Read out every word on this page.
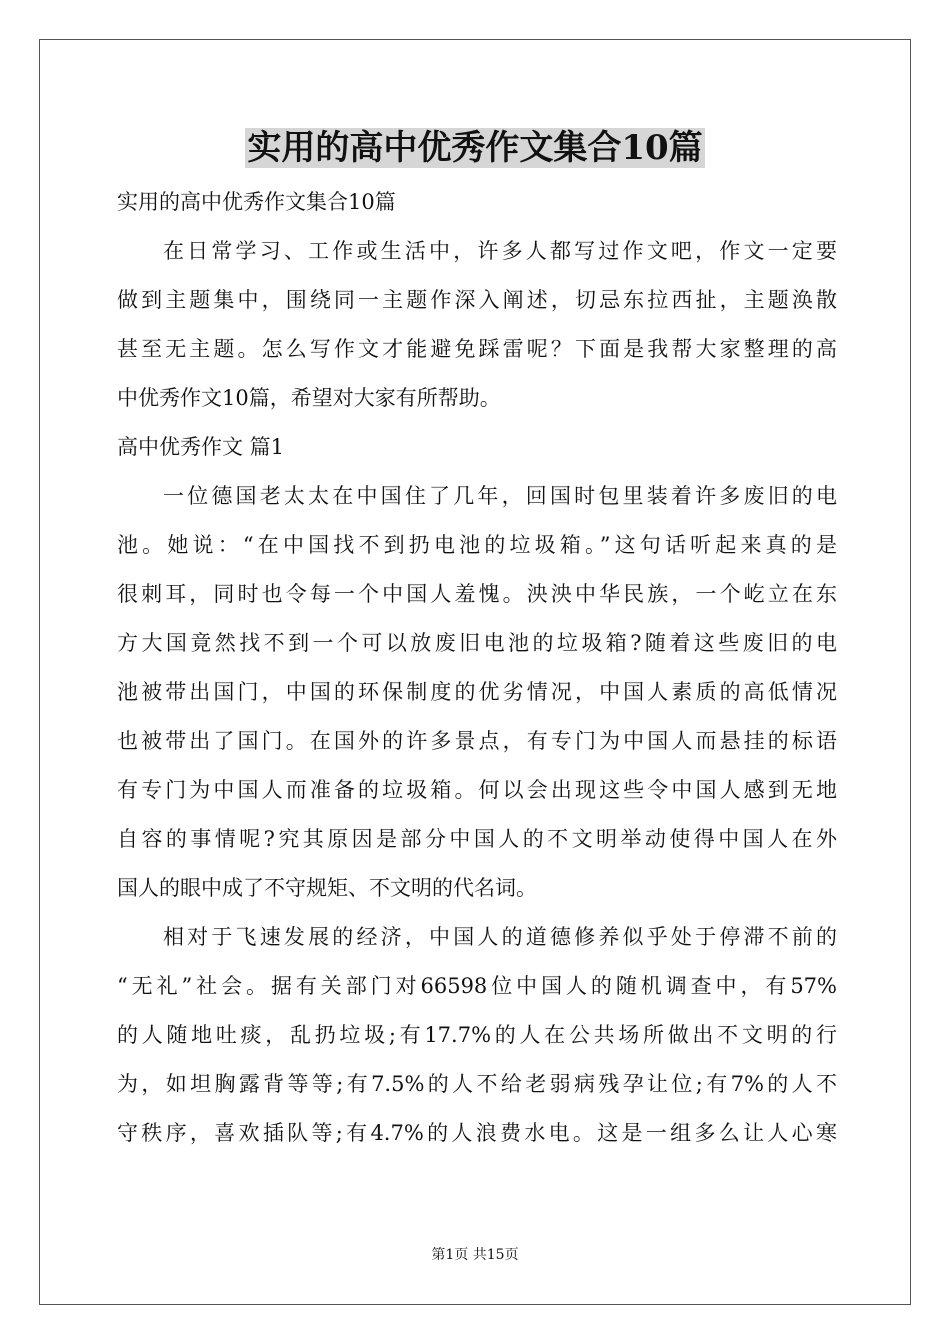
实用的高中优秀作文集合10篇
实用的高中优秀作文集合10篇
在日常学习、工作或生活中，许多人都写过作文吧，作文一定要
做到主题集中，围绕同一主题作深入阐述，切忌东拉西扯，主题涣散
甚至无主题。怎么写作文才能避免踩雷呢？下面是我帮大家整理的高
中优秀作文10篇，希望对大家有所帮助。
高中优秀作文 篇1
一位德国老太太在中国住了几年，回国时包里装着许多废旧的电
池。她说：“在中国找不到扔电池的垃圾箱。”这句话听起来真的是
很刺耳，同时也令每一个中国人羞愧。泱泱中华民族，一个屹立在东
方大国竟然找不到一个可以放废旧电池的垃圾箱?随着这些废旧的电
池被带出国门，中国的环保制度的优劣情况，中国人素质的高低情况
也被带出了国门。在国外的许多景点，有专门为中国人而悬挂的标语
有专门为中国人而准备的垃圾箱。何以会出现这些令中国人感到无地
自容的事情呢?究其原因是部分中国人的不文明举动使得中国人在外
国人的眼中成了不守规矩、不文明的代名词。
相对于飞速发展的经济，中国人的道德修养似乎处于停滞不前的
“无礼”社会。据有关部门对66598位中国人的随机调查中，有57%
的人随地吐痰，乱扔垃圾;有17.7%的人在公共场所做出不文明的行
为，如坦胸露背等等;有7.5%的人不给老弱病残孕让位;有7%的人不
守秩序，喜欢插队等;有4.7%的人浪费水电。这是一组多么让人心寒
第1页 共15页
